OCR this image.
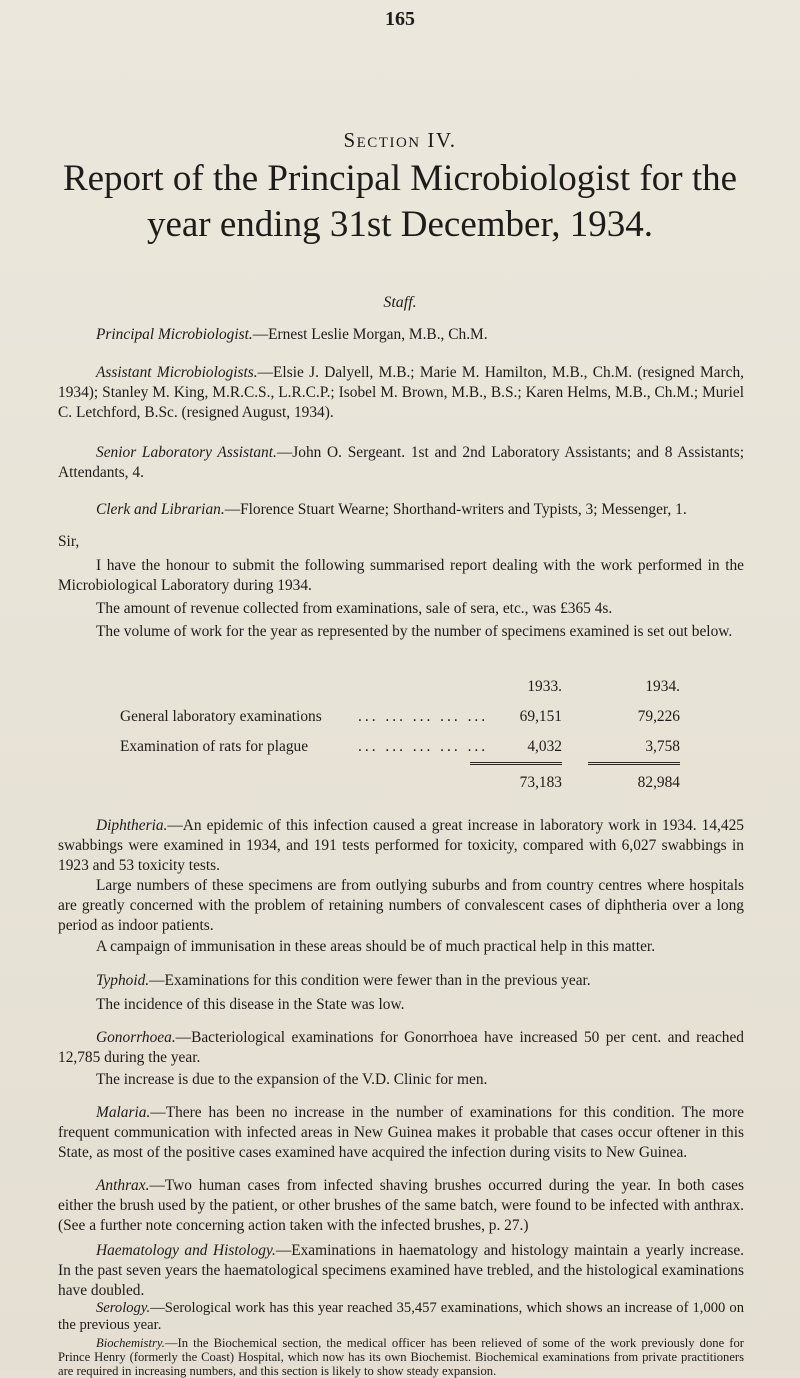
165
Section IV.
Report of the Principal Microbiologist for the year ending 31st December, 1934.
Staff.
Principal Microbiologist.—Ernest Leslie Morgan, M.B., Ch.M.
Assistant Microbiologists.—Elsie J. Dalyell, M.B.; Marie M. Hamilton, M.B., Ch.M. (resigned March, 1934); Stanley M. King, M.R.C.S., L.R.C.P.; Isobel M. Brown, M.B., B.S.; Karen Helms, M.B., Ch.M.; Muriel C. Letchford, B.Sc. (resigned August, 1934).
Senior Laboratory Assistant.—John O. Sergeant. 1st and 2nd Laboratory Assistants; and 8 Assistants; Attendants, 4.
Clerk and Librarian.—Florence Stuart Wearne; Shorthand-writers and Typists, 3; Messenger, 1.
Sir,
I have the honour to submit the following summarised report dealing with the work performed in the Microbiological Laboratory during 1934.
The amount of revenue collected from examinations, sale of sera, etc., was £365 4s.
The volume of work for the year as represented by the number of specimens examined is set out below.
1933.	1934.
General laboratory examinations ... ... ... ... ...	69,151	79,226
Examination of rats for plague	... ... ... ... ...	4,032	3,758
73,183	82,984
Diphtheria.—An epidemic of this infection caused a great increase in laboratory work in 1934. 14,425 swabbings were examined in 1934, and 191 tests performed for toxicity, compared with 6,027 swabbings in 1923 and 53 toxicity tests.
Large numbers of these specimens are from outlying suburbs and from country centres where hospitals are greatly concerned with the problem of retaining numbers of convalescent cases of diphtheria over a long period as indoor patients.
A campaign of immunisation in these areas should be of much practical help in this matter.
Typhoid.—Examinations for this condition were fewer than in the previous year.
The incidence of this disease in the State was low.
Gonorrhoea.—Bacteriological examinations for Gonorrhoea have increased 50 per cent. and reached 12,785 during the year.
The increase is due to the expansion of the V.D. Clinic for men.
Malaria.—There has been no increase in the number of examinations for this condition. The more frequent communication with infected areas in New Guinea makes it probable that cases occur oftener in this State, as most of the positive cases examined have acquired the infection during visits to New Guinea.
Anthrax.—Two human cases from infected shaving brushes occurred during the year. In both cases either the brush used by the patient, or other brushes of the same batch, were found to be infected with anthrax. (See a further note concerning action taken with the infected brushes, p. 27.)
Haematology and Histology.—Examinations in haematology and histology maintain a yearly increase. In the past seven years the haematological specimens examined have trebled, and the histological examinations have doubled.
Serology.—Serological work has this year reached 35,457 examinations, which shows an increase of 1,000 on the previous year.
Biochemistry.—In the Biochemical section, the medical officer has been relieved of some of the work previously done for Prince Henry (formerly the Coast) Hospital, which now has its own Biochemist. Biochemical examinations from private practitioners are required in increasing numbers, and this section is likely to show steady expansion.
